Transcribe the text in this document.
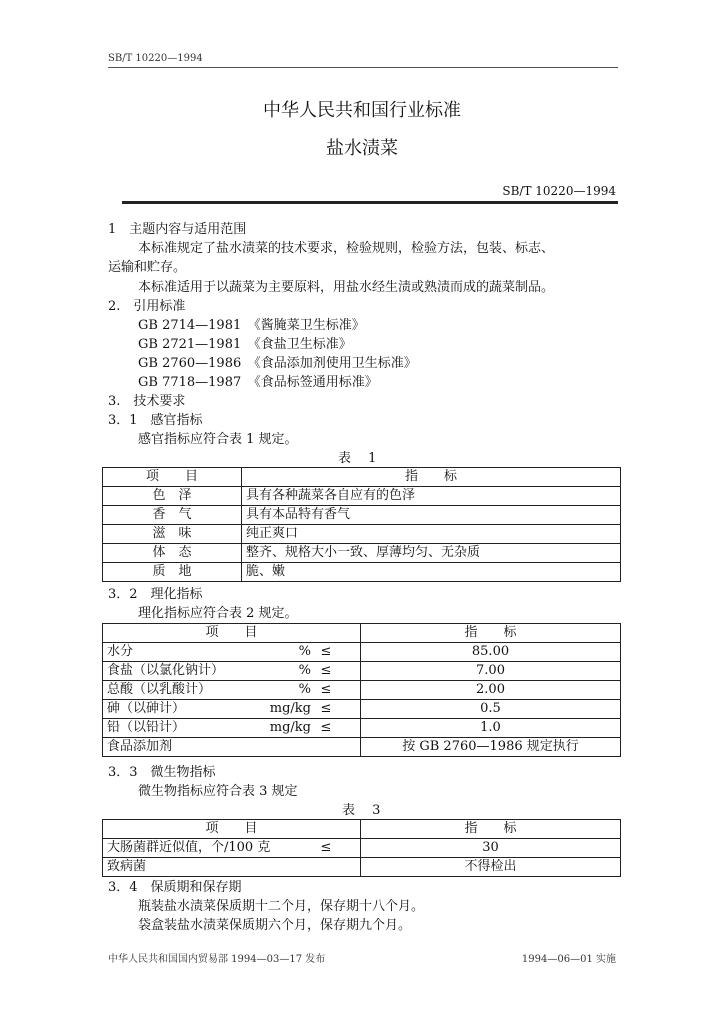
SB/T 10220—1994
中华人民共和国行业标准
盐水渍菜
SB/T 10220—1994
1　主题内容与适用范围
本标准规定了盐水渍菜的技术要求，检验规则，检验方法，包装、标志、
运输和贮存。
本标准适用于以蔬菜为主要原料，用盐水经生渍或熟渍而成的蔬菜制品。
2.　引用标准
GB 2714—1981　《酱腌菜卫生标准》
GB 2721—1981　《食盐卫生标准》
GB 2760—1986　《食品添加剂使用卫生标准》
GB 7718—1987　《食品标签通用标准》
3.　技术要求
3．1　感官指标
感官指标应符合表 1 规定。
表　 1
项　　目	指　　标
色　泽	具有各种蔬菜各自应有的色泽
香　气	具有本品特有香气
滋　味	纯正爽口
体　态	整齐、规格大小一致、厚薄均匀、无杂质
质　地	脆、嫩
3．2　理化指标
理化指标应符合表 2 规定。
项　　目	指　　标
水分 % ≤	85.00
食盐（以氯化钠计） % ≤	7.00
总酸（以乳酸计） % ≤	2.00
砷（以砷计） mg/kg ≤	0.5
铅（以铅计） mg/kg ≤	1.0
食品添加剂	按 GB 2760—1986 规定执行
3．3　微生物指标
微生物指标应符合表 3 规定
表　 3
项　　目	指　　标
大肠菌群近似值，个/100 克 ≤	30
致病菌	不得检出
3．4　保质期和保存期
瓶装盐水渍菜保质期十二个月，保存期十八个月。
袋盒装盐水渍菜保质期六个月，保存期九个月。
中华人民共和国国内贸易部 1994—03—17 发布	1994—06—01 实施
